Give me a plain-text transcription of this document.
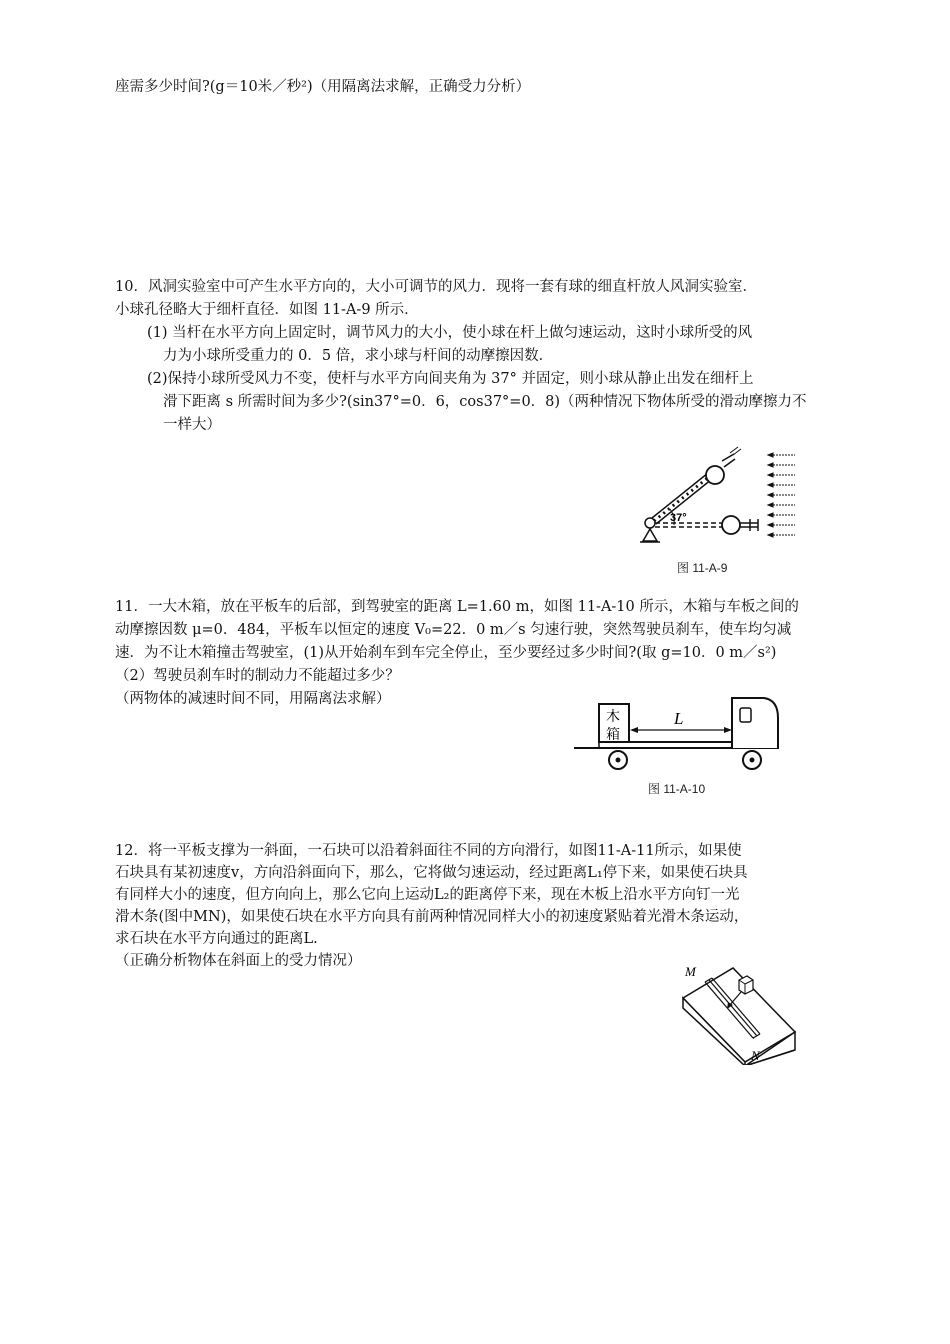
座需多少时间?(g＝10米／秒²)（用隔离法求解，正确受力分析）
10．风洞实验室中可产生水平方向的，大小可调节的风力．现将一套有球的细直杆放人风洞实验室．
小球孔径略大于细杆直径．如图 11-A-9 所示．
(1) 当杆在水平方向上固定时，调节风力的大小，使小球在杆上做匀速运动，这时小球所受的风
力为小球所受重力的 0．5 倍，求小球与杆间的动摩擦因数．
(2)保持小球所受风力不变，使杆与水平方向间夹角为 37° 并固定，则小球从静止出发在细杆上
滑下距离 s 所需时间为多少?(sin37°=0．6，cos37°=0．8)（两种情况下物体所受的滑动摩擦力不
一样大）
37°
图 11-A-9
11．一大木箱，放在平板车的后部，到驾驶室的距离 L=1.60 m，如图 11-A-10 所示，木箱与车板之间的
动摩擦因数 μ=0．484，平板车以恒定的速度 V₀=22．0 m／s 匀速行驶，突然驾驶员刹车，使车均匀减
速．为不让木箱撞击驾驶室，(1)从开始刹车到车完全停止，至少要经过多少时间?(取 g=10．0 m／s²)
（2）驾驶员刹车时的制动力不能超过多少？
（两物体的减速时间不同，用隔离法求解）
木
箱
L
图 11-A-10
12．将一平板支撑为一斜面，一石块可以沿着斜面往不同的方向滑行，如图11-A-11所示，如果使
石块具有某初速度v，方向沿斜面向下，那么，它将做匀速运动，经过距离L₁停下来，如果使石块具
有同样大小的速度，但方向向上，那么它向上运动L₂的距离停下来，现在木板上沿水平方向钉一光
滑木条(图中MN)，如果使石块在水平方向具有前两种情况同样大小的初速度紧贴着光滑木条运动，
求石块在水平方向通过的距离L.
（正确分析物体在斜面上的受力情况）
M
N
